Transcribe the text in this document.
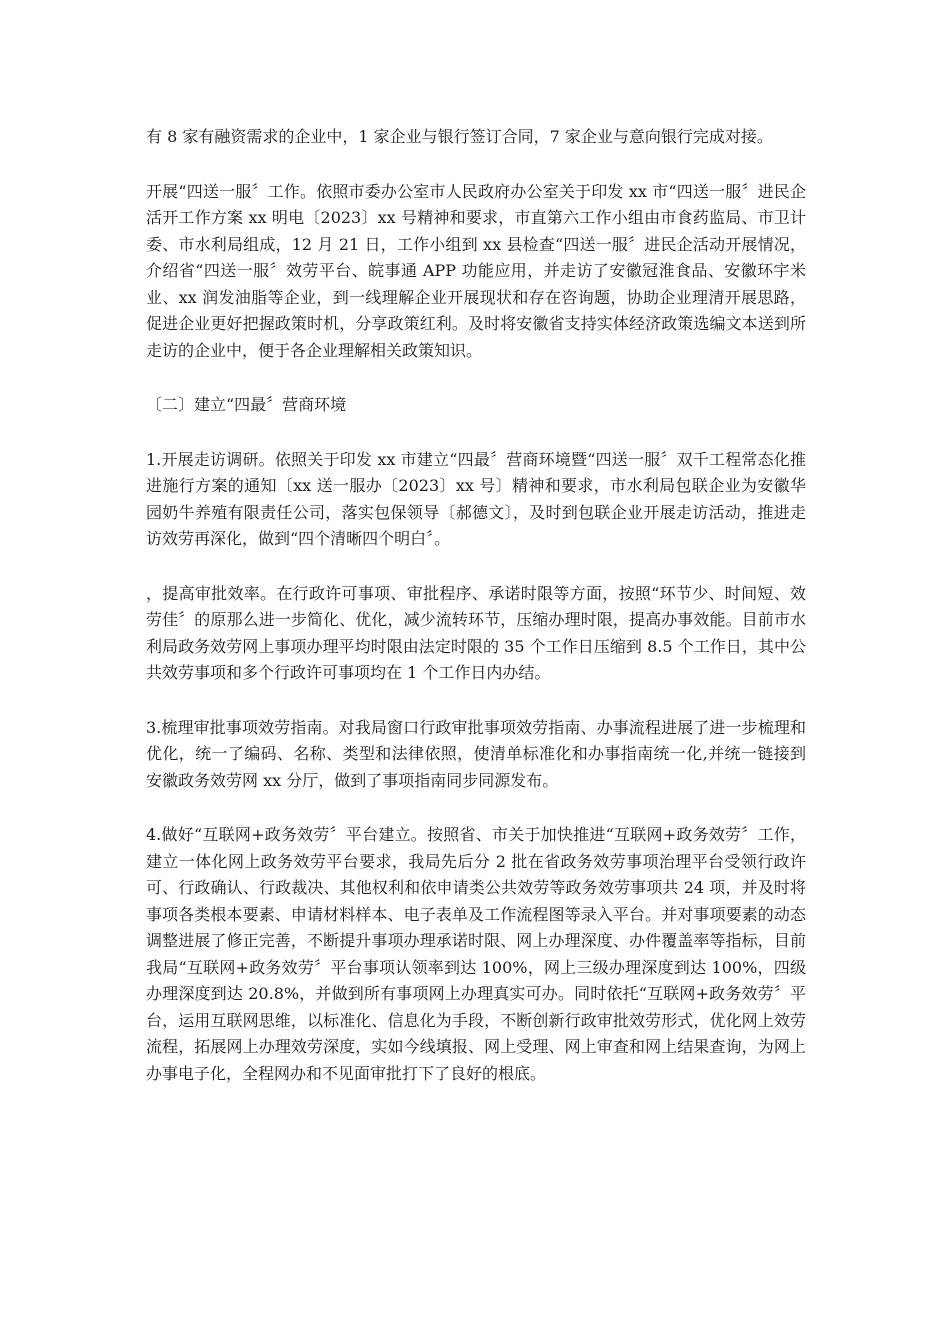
有 8 家有融资需求的企业中，1 家企业与银行签订合同，7 家企业与意向银行完成对接。

开展“四送一服〞工作。依照市委办公室市人民政府办公室关于印发 xx 市“四送一服〞进民企活开工作方案 xx 明电〔2023〕xx 号精神和要求，市直第六工作小组由市食药监局、市卫计委、市水利局组成，12 月 21 日，工作小组到 xx 县检查“四送一服〞进民企活动开展情况，介绍省“四送一服〞效劳平台、皖事通 APP 功能应用，并走访了安徽冠淮食品、安徽环宇米业、xx 润发油脂等企业，到一线理解企业开展现状和存在咨询题，协助企业理清开展思路，促进企业更好把握政策时机，分享政策红利。及时将安徽省支持实体经济政策选编文本送到所走访的企业中，便于各企业理解相关政策知识。

〔二〕建立“四最〞营商环境

1.开展走访调研。依照关于印发 xx 市建立“四最〞营商环境暨“四送一服〞双千工程常态化推进施行方案的通知〔xx 送一服办〔2023〕xx 号〕精神和要求，市水利局包联企业为安徽华园奶牛养殖有限责任公司，落实包保领导〔郝德文〕，及时到包联企业开展走访活动，推进走访效劳再深化，做到“四个清晰四个明白〞。

，提高审批效率。在行政许可事项、审批程序、承诺时限等方面，按照“环节少、时间短、效劳佳〞的原那么进一步简化、优化，减少流转环节，压缩办理时限，提高办事效能。目前市水利局政务效劳网上事项办理平均时限由法定时限的 35 个工作日压缩到 8.5 个工作日，其中公共效劳事项和多个行政许可事项均在 1 个工作日内办结。

3.梳理审批事项效劳指南。对我局窗口行政审批事项效劳指南、办事流程进展了进一步梳理和优化，统一了编码、名称、类型和法律依照，使清单标准化和办事指南统一化,并统一链接到安徽政务效劳网 xx 分厅，做到了事项指南同步同源发布。

4.做好“互联网+政务效劳〞平台建立。按照省、市关于加快推进“互联网+政务效劳〞工作，建立一体化网上政务效劳平台要求，我局先后分 2 批在省政务效劳事项治理平台受领行政许可、行政确认、行政裁决、其他权利和依申请类公共效劳等政务效劳事项共 24 项，并及时将事项各类根本要素、申请材料样本、电子表单及工作流程图等录入平台。并对事项要素的动态调整进展了修正完善，不断提升事项办理承诺时限、网上办理深度、办件覆盖率等指标，目前我局“互联网+政务效劳〞平台事项认领率到达 100%，网上三级办理深度到达 100%，四级办理深度到达 20.8%，并做到所有事项网上办理真实可办。同时依托“互联网+政务效劳〞平台，运用互联网思维，以标准化、信息化为手段，不断创新行政审批效劳形式，优化网上效劳流程，拓展网上办理效劳深度，实如今线填报、网上受理、网上审查和网上结果查询，为网上办事电子化，全程网办和不见面审批打下了良好的根底。
